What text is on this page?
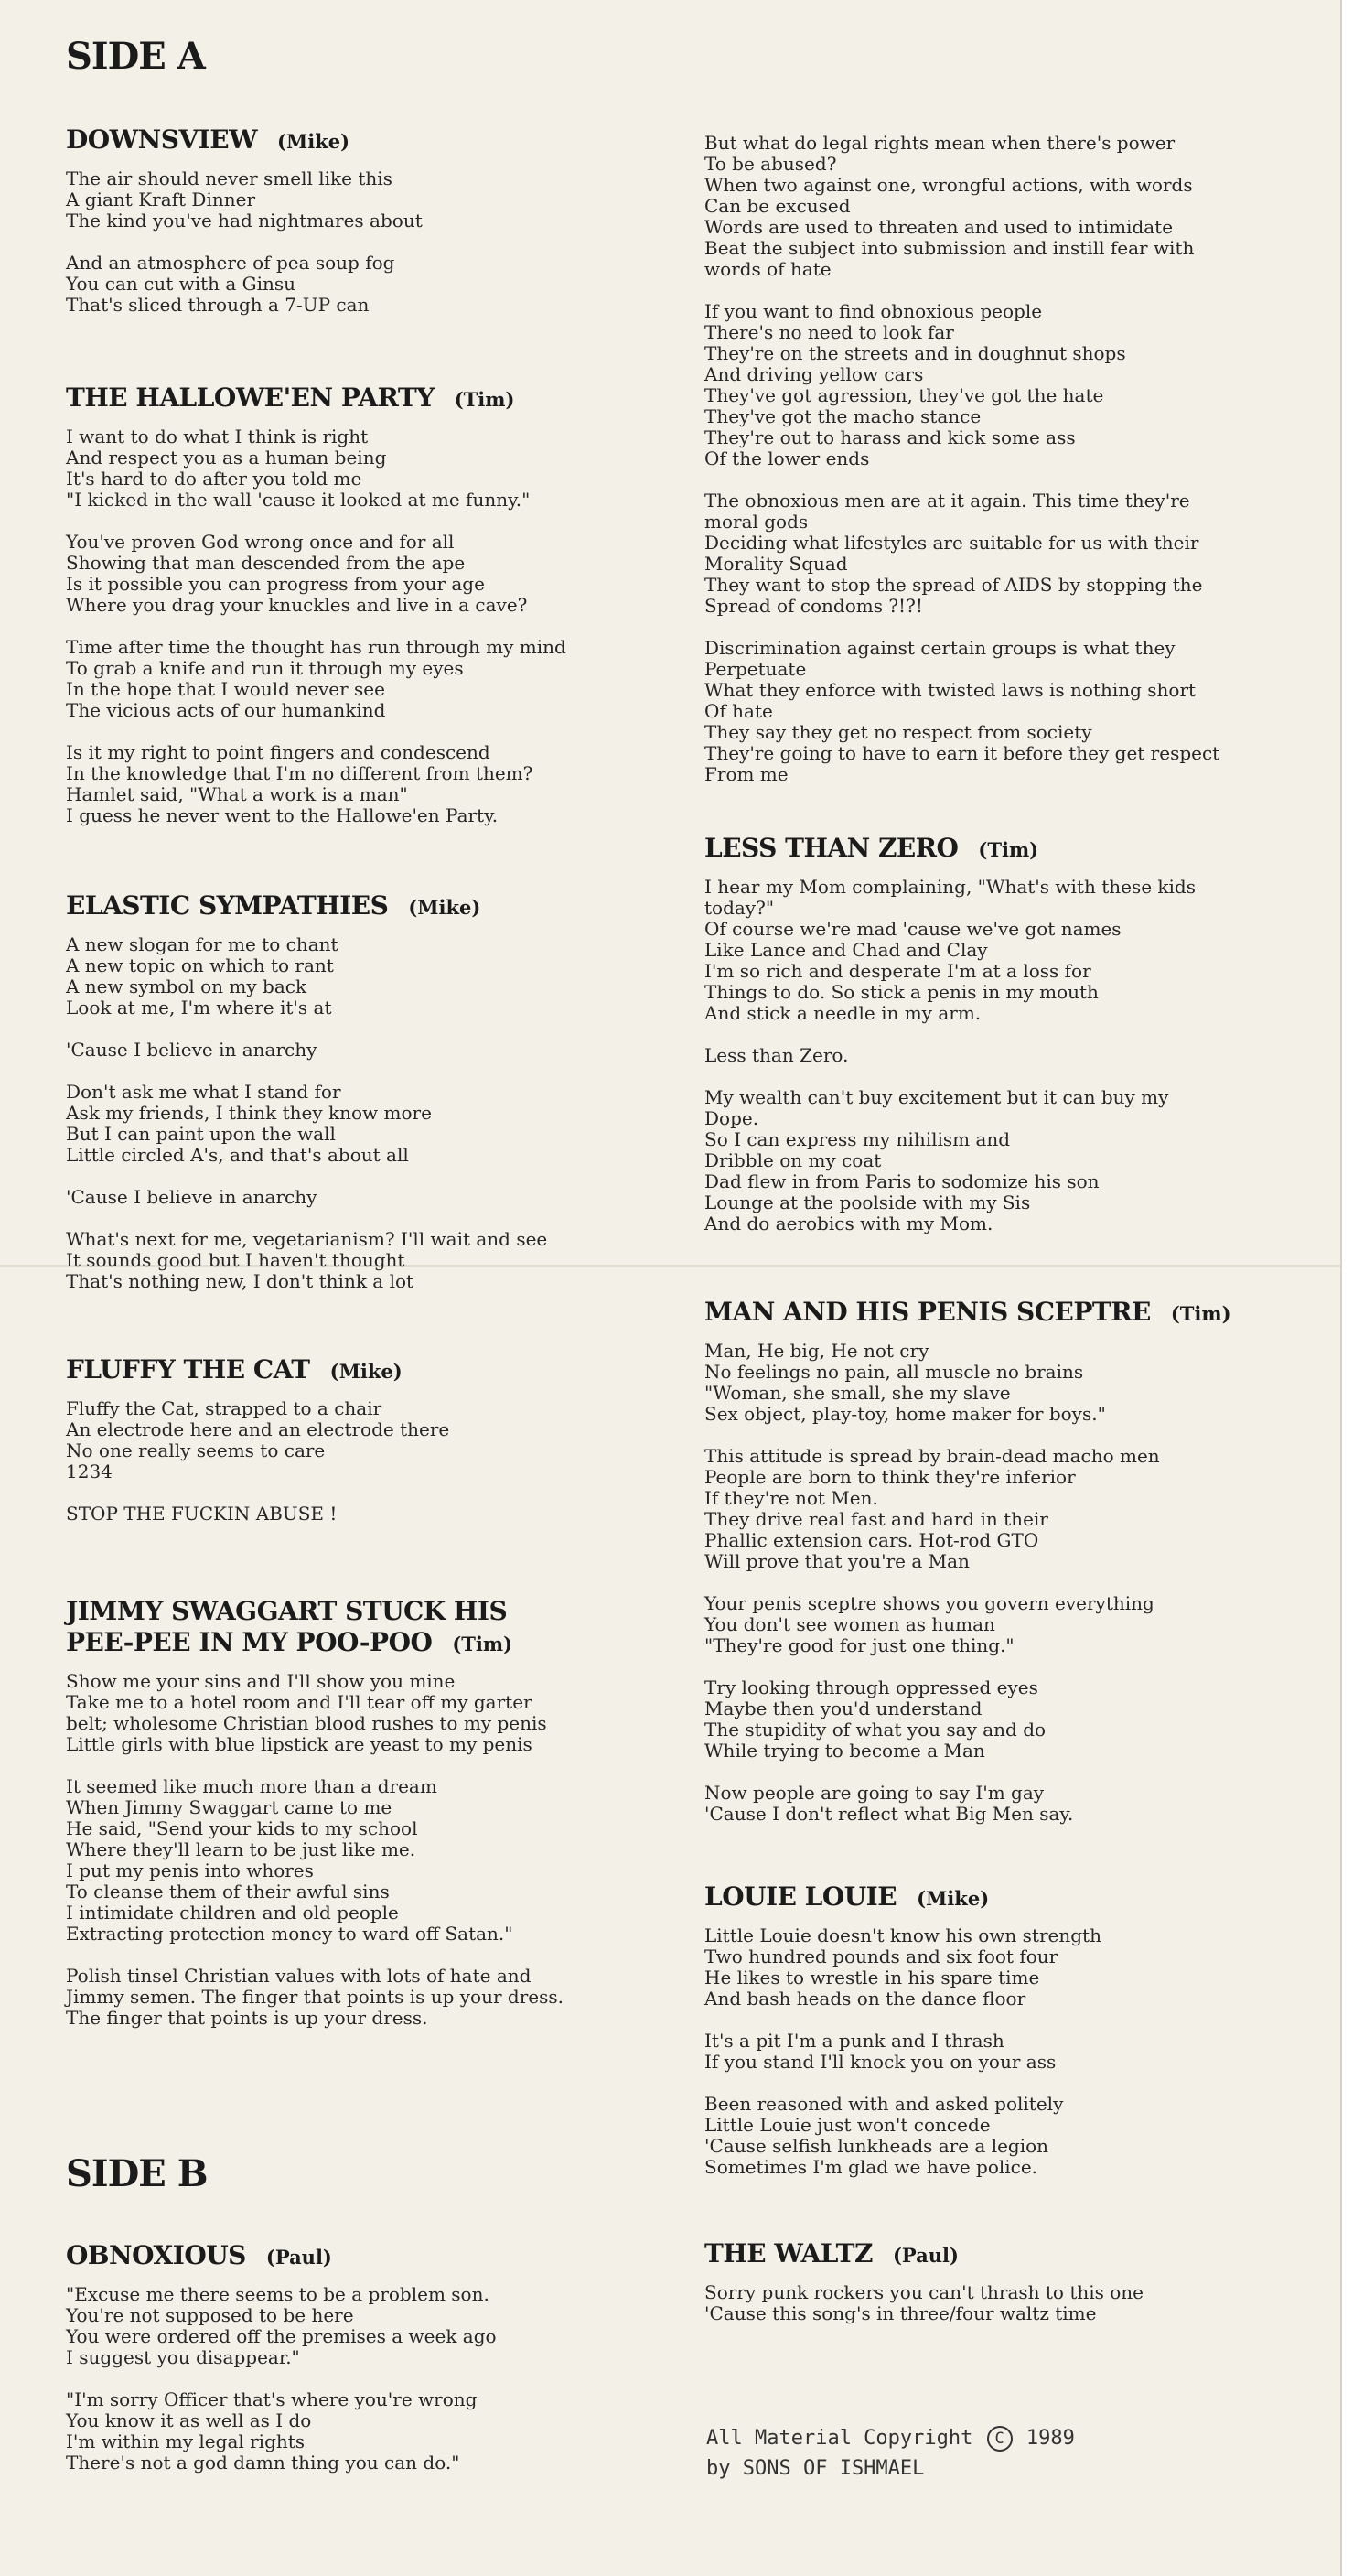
SIDE A
DOWNSVIEW (Mike)

The air should never smell like this
A giant Kraft Dinner
The kind you've had nightmares about

And an atmosphere of pea soup fog
You can cut with a Ginsu
That's sliced through a 7-UP can

THE HALLOWE'EN PARTY (Tim)

I want to do what I think is right
And respect you as a human being
It's hard to do after you told me
"I kicked in the wall 'cause it looked at me funny."

You've proven God wrong once and for all
Showing that man descended from the ape
Is it possible you can progress from your age
Where you drag your knuckles and live in a cave?

Time after time the thought has run through my mind
To grab a knife and run it through my eyes
In the hope that I would never see
The vicious acts of our humankind

Is it my right to point fingers and condescend
In the knowledge that I'm no different from them?
Hamlet said, "What a work is a man"
I guess he never went to the Hallowe'en Party.

ELASTIC SYMPATHIES (Mike)

A new slogan for me to chant
A new topic on which to rant
A new symbol on my back
Look at me, I'm where it's at

'Cause I believe in anarchy

Don't ask me what I stand for
Ask my friends, I think they know more
But I can paint upon the wall
Little circled A's, and that's about all

'Cause I believe in anarchy

What's next for me, vegetarianism? I'll wait and see
It sounds good but I haven't thought
That's nothing new, I don't think a lot

FLUFFY THE CAT (Mike)

Fluffy the Cat, strapped to a chair
An electrode here and an electrode there
No one really seems to care
1234

STOP THE FUCKIN ABUSE !

JIMMY SWAGGART STUCK HIS
PEE-PEE IN MY POO-POO (Tim)

Show me your sins and I'll show you mine
Take me to a hotel room and I'll tear off my garter
belt; wholesome Christian blood rushes to my penis
Little girls with blue lipstick are yeast to my penis

It seemed like much more than a dream
When Jimmy Swaggart came to me
He said, "Send your kids to my school
Where they'll learn to be just like me.
I put my penis into whores
To cleanse them of their awful sins
I intimidate children and old people
Extracting protection money to ward off Satan."

Polish tinsel Christian values with lots of hate and
Jimmy semen. The finger that points is up your dress.
The finger that points is up your dress.

SIDE B
OBNOXIOUS (Paul)

"Excuse me there seems to be a problem son.
You're not supposed to be here
You were ordered off the premises a week ago
I suggest you disappear."

"I'm sorry Officer that's where you're wrong
You know it as well as I do
I'm within my legal rights
There's not a god damn thing you can do."

But what do legal rights mean when there's power
To be abused?
When two against one, wrongful actions, with words
Can be excused
Words are used to threaten and used to intimidate
Beat the subject into submission and instill fear with
words of hate

If you want to find obnoxious people
There's no need to look far
They're on the streets and in doughnut shops
And driving yellow cars
They've got agression, they've got the hate
They've got the macho stance
They're out to harass and kick some ass
Of the lower ends

The obnoxious men are at it again. This time they're
moral gods
Deciding what lifestyles are suitable for us with their
Morality Squad
They want to stop the spread of AIDS by stopping the
Spread of condoms ?!?!

Discrimination against certain groups is what they
Perpetuate
What they enforce with twisted laws is nothing short
Of hate
They say they get no respect from society
They're going to have to earn it before they get respect
From me

LESS THAN ZERO (Tim)

I hear my Mom complaining, "What's with these kids
today?"
Of course we're mad 'cause we've got names
Like Lance and Chad and Clay
I'm so rich and desperate I'm at a loss for
Things to do. So stick a penis in my mouth
And stick a needle in my arm.

Less than Zero.

My wealth can't buy excitement but it can buy my
Dope.
So I can express my nihilism and
Dribble on my coat
Dad flew in from Paris to sodomize his son
Lounge at the poolside with my Sis
And do aerobics with my Mom.

MAN AND HIS PENIS SCEPTRE (Tim)

Man, He big, He not cry
No feelings no pain, all muscle no brains
"Woman, she small, she my slave
Sex object, play-toy, home maker for boys."

This attitude is spread by brain-dead macho men
People are born to think they're inferior
If they're not Men.
They drive real fast and hard in their
Phallic extension cars. Hot-rod GTO
Will prove that you're a Man

Your penis sceptre shows you govern everything
You don't see women as human
"They're good for just one thing."

Try looking through oppressed eyes
Maybe then you'd understand
The stupidity of what you say and do
While trying to become a Man

Now people are going to say I'm gay
'Cause I don't reflect what Big Men say.

LOUIE LOUIE (Mike)

Little Louie doesn't know his own strength
Two hundred pounds and six foot four
He likes to wrestle in his spare time
And bash heads on the dance floor

It's a pit I'm a punk and I thrash
If you stand I'll knock you on your ass

Been reasoned with and asked politely
Little Louie just won't concede
'Cause selfish lunkheads are a legion
Sometimes I'm glad we have police.

THE WALTZ (Paul)

Sorry punk rockers you can't thrash to this one
'Cause this song's in three/four waltz time

All Material Copyright C 1989
by SONS OF ISHMAEL
